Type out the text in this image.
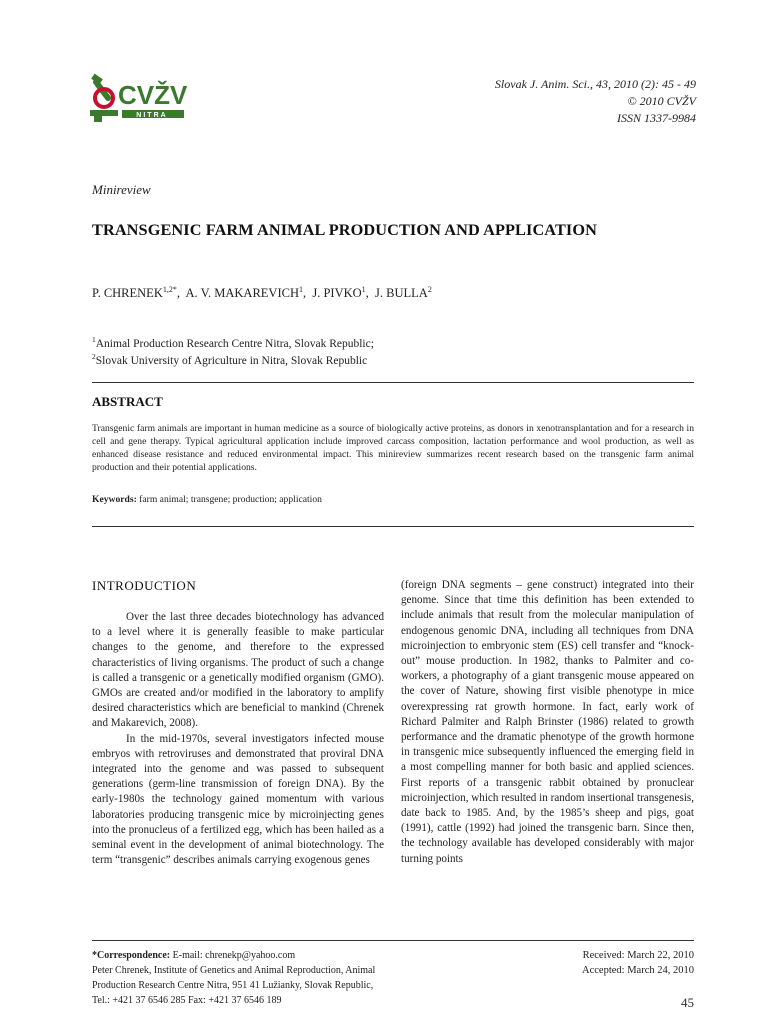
CVŽV
NITRA
Slovak J. Anim. Sci., 43, 2010 (2): 45 - 49
© 2010 CVŽV
ISSN 1337-9984
Minireview
TRANSGENIC FARM ANIMAL PRODUCTION AND APPLICATION
P. $CHRENEK^{1,2*}$,  A. V. MAKAREVICH$^1$,  J. PIVKO$^1$,  J. BULLA$^2$
$^1$Animal Production Research Centre Nitra, Slovak Republic;
$^2$Slovak University of Agriculture in Nitra, Slovak Republic
ABSTRACT
Transgenic farm animals are important in human medicine as a source of biologically active proteins, as donors in xenotransplantation and for a research in cell and gene therapy. Typical agricultural application include improved carcass composition, lactation performance and wool production, as well as enhanced disease resistance and reduced environmental impact. This minireview summarizes recent research based on the transgenic farm animal production and their potential applications.
Keywords: farm animal; transgene; production; application
INTRODUCTION

Over the last three decades biotechnology has advanced to a level where it is generally feasible to make particular changes to the genome, and therefore to the expressed characteristics of living organisms. The product of such a change is called a transgenic or a genetically modified organism (GMO). GMOs are created and/or modified in the laboratory to amplify desired characteristics which are beneficial to mankind (Chrenek and Makarevich, 2008).

In the mid-1970s, several investigators infected mouse embryos with retroviruses and demonstrated that proviral DNA integrated into the genome and was passed to subsequent generations (germ-line transmission of foreign DNA). By the early-1980s the technology gained momentum with various laboratories producing transgenic mice by microinjecting genes into the pronucleus of a fertilized egg, which has been hailed as a seminal event in the development of animal biotechnology. The term “transgenic” describes animals carrying exogenous genes

(foreign DNA segments – gene construct) integrated into their genome. Since that time this definition has been extended to include animals that result from the molecular manipulation of endogenous genomic DNA, including all techniques from DNA microinjection to embryonic stem (ES) cell transfer and “knock-out” mouse production. In 1982, thanks to Palmiter and co-workers, a photography of a giant transgenic mouse appeared on the cover of Nature, showing first visible phenotype in mice overexpressing rat growth hormone. In fact, early work of Richard Palmiter and Ralph Brinster (1986) related to growth performance and the dramatic phenotype of the growth hormone in transgenic mice subsequently influenced the emerging field in a most compelling manner for both basic and applied sciences. First reports of a transgenic rabbit obtained by pronuclear microinjection, which resulted in random insertional transgenesis, date back to 1985. And, by the 1985’s sheep and pigs, goat (1991), cattle (1992) had joined the transgenic barn. Since then, the technology available has developed considerably with major turning points

*Correspondence: E-mail: chrenekp@yahoo.com
Peter Chrenek, Institute of Genetics and Animal Reproduction, Animal
Production Research Centre Nitra, 951 41 Lužianky, Slovak Republic,
Tel.: +421 37 6546 285 Fax: +421 37 6546 189
Received: March 22, 2010
Accepted: March 24, 2010
45
